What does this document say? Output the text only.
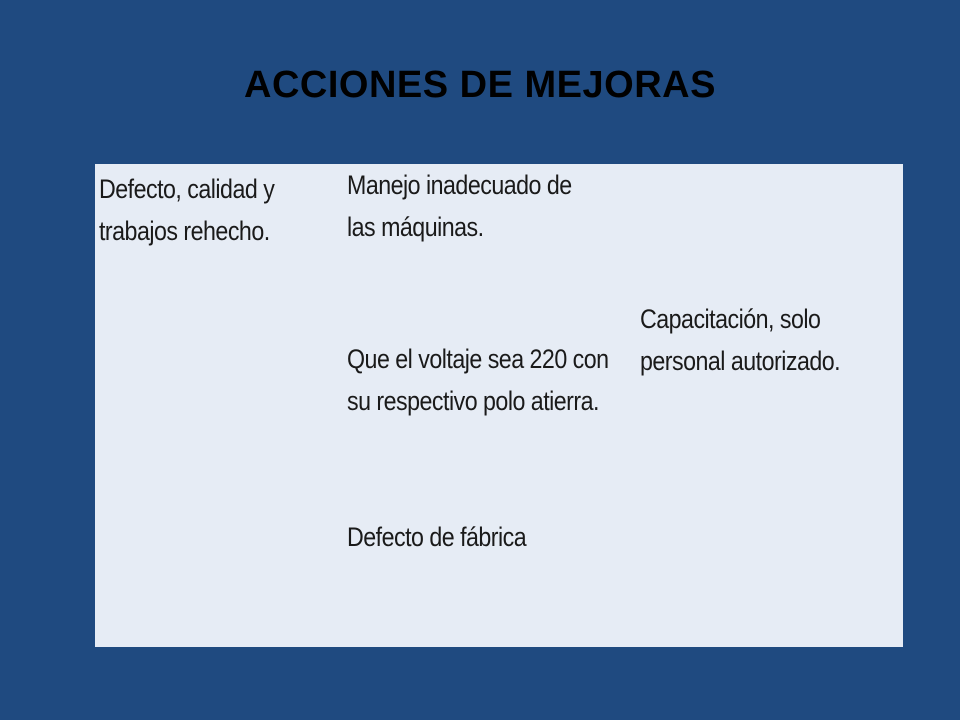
ACCIONES DE MEJORAS
Defecto, calidad y trabajos rehecho.
Manejo inadecuado de las máquinas.
Que el voltaje sea 220 con su respectivo polo atierra.
Defecto de fábrica
Capacitación, solo personal autorizado.
